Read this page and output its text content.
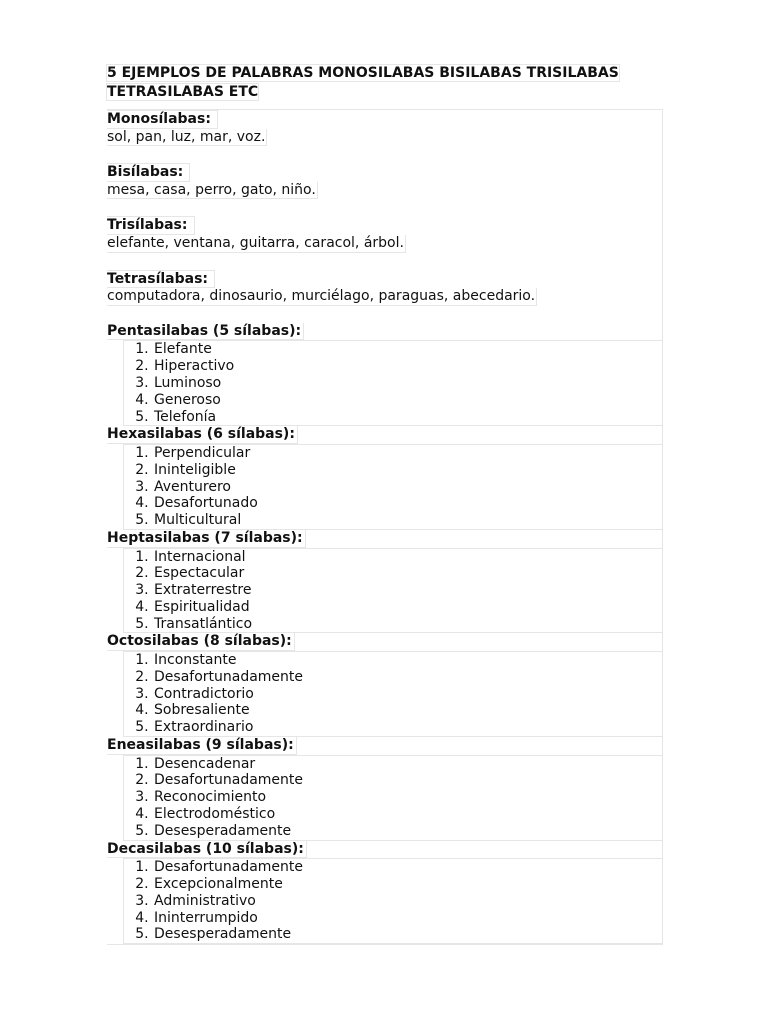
5 EJEMPLOS DE PALABRAS MONOSILABAS BISILABAS TRISILABAS
TETRASILABAS ETC
Monosílabas:
sol, pan, luz, mar, voz.
Bisílabas:
mesa, casa, perro, gato, niño.
Trisílabas:
elefante, ventana, guitarra, caracol, árbol.
Tetrasílabas:
computadora, dinosaurio, murciélago, paraguas, abecedario.
Pentasilabas (5 sílabas):
1. Elefante
2. Hiperactivo
3. Luminoso
4. Generoso
5. Telefonía
Hexasilabas (6 sílabas):
1. Perpendicular
2. Ininteligible
3. Aventurero
4. Desafortunado
5. Multicultural
Heptasilabas (7 sílabas):
1. Internacional
2. Espectacular
3. Extraterrestre
4. Espiritualidad
5. Transatlántico
Octosilabas (8 sílabas):
1. Inconstante
2. Desafortunadamente
3. Contradictorio
4. Sobresaliente
5. Extraordinario
Eneasilabas (9 sílabas):
1. Desencadenar
2. Desafortunadamente
3. Reconocimiento
4. Electrodoméstico
5. Desesperadamente
Decasilabas (10 sílabas):
1. Desafortunadamente
2. Excepcionalmente
3. Administrativo
4. Ininterrumpido
5. Desesperadamente
